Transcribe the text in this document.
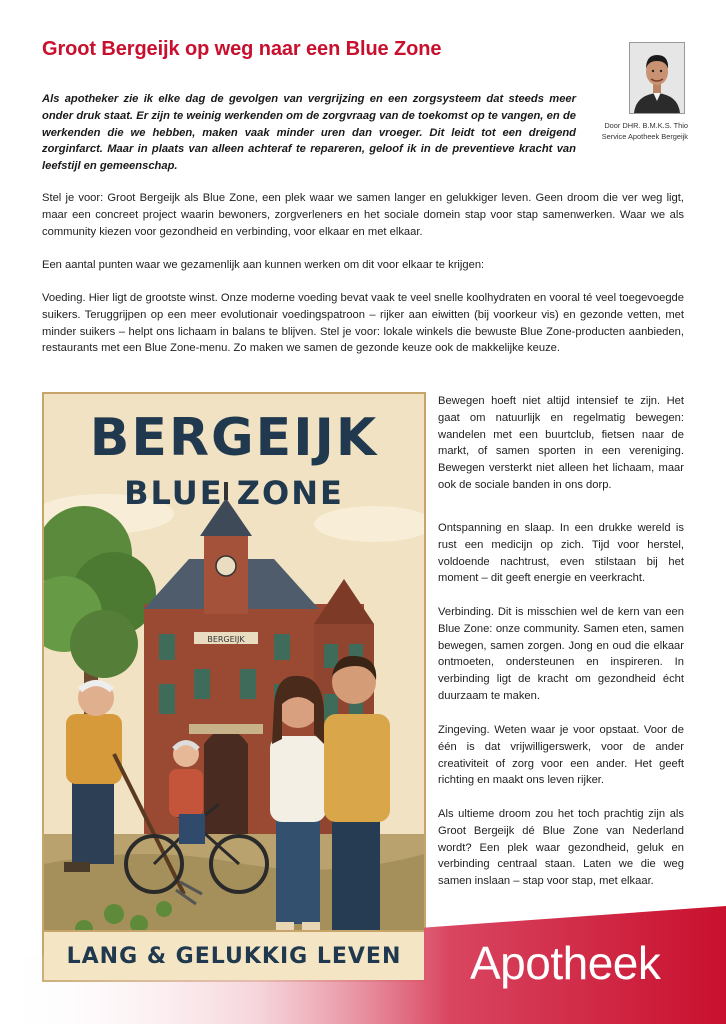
Groot Bergeijk op weg naar een Blue Zone
Door DHR. B.M.K.S. Thio
Service Apotheek Bergeijk

Als apotheker zie ik elke dag de gevolgen van vergrijzing en een zorgsysteem dat steeds meer onder druk staat. Er zijn te weinig werkenden om de zorgvraag van de toekomst op te vangen, en de werkenden die we hebben, maken vaak minder uren dan vroeger. Dit leidt tot een dreigend zorginfarct. Maar in plaats van alleen achteraf te repareren, geloof ik in de preventieve kracht van leefstijl en gemeenschap.

Stel je voor: Groot Bergeijk als Blue Zone, een plek waar we samen langer en gelukkiger leven. Geen droom die ver weg ligt, maar een concreet project waarin bewoners, zorgverleners en het sociale domein stap voor stap samenwerken. Waar we als community kiezen voor gezondheid en verbinding, voor elkaar en met elkaar.

Een aantal punten waar we gezamenlijk aan kunnen werken om dit voor elkaar te krijgen:

Voeding. Hier ligt de grootste winst. Onze moderne voeding bevat vaak te veel snelle koolhydraten en vooral té veel toegevoegde suikers. Teruggrijpen op een meer evolutionair voedingspatroon – rijker aan eiwitten (bij voorkeur vis) en gezonde vetten, met minder suikers – helpt ons lichaam in balans te blijven. Stel je voor: lokale winkels die bewuste Blue Zone-producten aanbieden, restaurants met een Blue Zone-menu. Zo maken we samen de gezonde keuze ook de makkelijke keuze.

BERGEIJK
BERGEIJK
BLUE ZONE
LANG & GELUKKIG LEVEN

Bewegen hoeft niet altijd intensief te zijn. Het gaat om natuurlijk en regelmatig bewegen: wandelen met een buurtclub, fietsen naar de markt, of samen sporten in een vereniging. Bewegen versterkt niet alleen het lichaam, maar ook de sociale banden in ons dorp.

Ontspanning en slaap. In een drukke wereld is rust een medicijn op zich. Tijd voor herstel, voldoende nachtrust, even stilstaan bij het moment – dit geeft energie en veerkracht.

Verbinding. Dit is misschien wel de kern van een Blue Zone: onze community. Samen eten, samen bewegen, samen zorgen. Jong en oud die elkaar ontmoeten, ondersteunen en inspireren. In verbinding ligt de kracht om gezondheid écht duurzaam te maken.

Zingeving. Weten waar je voor opstaat. Voor de één is dat vrijwilligerswerk, voor de ander creativiteit of zorg voor een ander. Het geeft richting en maakt ons leven rijker.

Als ultieme droom zou het toch prachtig zijn als Groot Bergeijk dé Blue Zone van Nederland wordt? Een plek waar gezondheid, geluk en verbinding centraal staan. Laten we die weg samen inslaan – stap voor stap, met elkaar.

Apotheek
